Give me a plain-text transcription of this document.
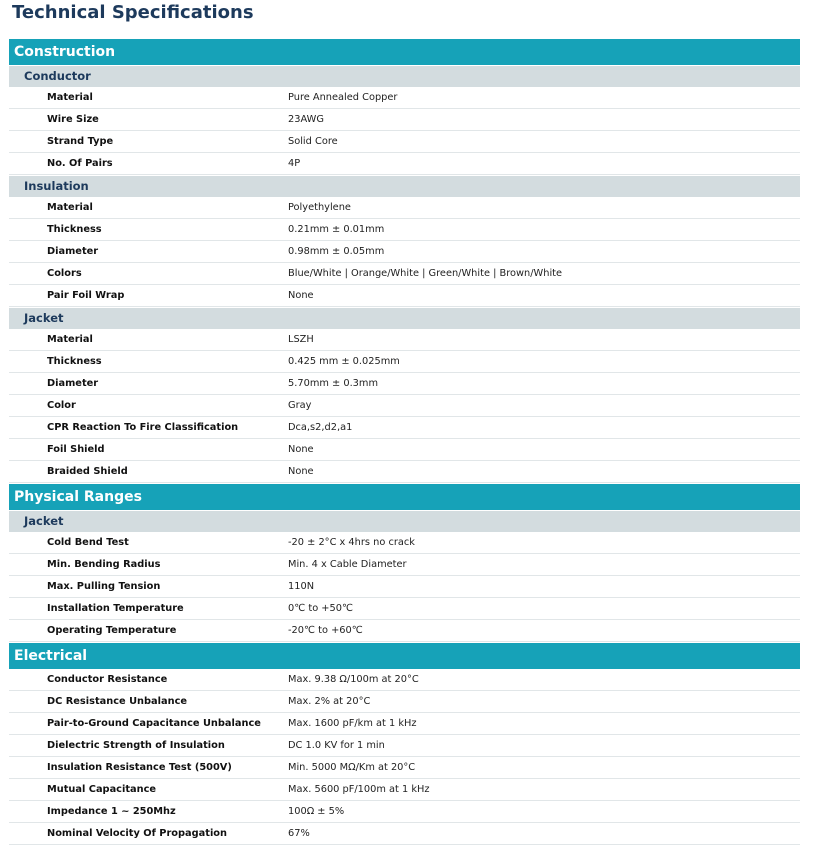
Technical Specifications
Construction
Conductor
Material	Pure Annealed Copper
Wire Size	23AWG
Strand Type	Solid Core
No. Of Pairs	4P
Insulation
Material	Polyethylene
Thickness	0.21mm ± 0.01mm
Diameter	0.98mm ± 0.05mm
Colors	Blue/White | Orange/White | Green/White | Brown/White
Pair Foil Wrap	None
Jacket
Material	LSZH
Thickness	0.425 mm ± 0.025mm
Diameter	5.70mm ± 0.3mm
Color	Gray
CPR Reaction To Fire Classification	Dca,s2,d2,a1
Foil Shield	None
Braided Shield	None
Physical Ranges
Jacket
Cold Bend Test	-20 ± 2°C x 4hrs no crack
Min. Bending Radius	Min. 4 x Cable Diameter
Max. Pulling Tension	110N
Installation Temperature	0℃ to +50℃
Operating Temperature	-20℃ to +60℃
Electrical
Conductor Resistance	Max. 9.38 Ω/100m at 20°C
DC Resistance Unbalance	Max. 2% at 20°C
Pair-to-Ground Capacitance Unbalance	Max. 1600 pF/km at 1 kHz
Dielectric Strength of Insulation	DC 1.0 KV for 1 min
Insulation Resistance Test (500V)	Min. 5000 MΩ/Km at 20°C
Mutual Capacitance	Max. 5600 pF/100m at 1 kHz
Impedance 1 ~ 250Mhz	100Ω ± 5%
Nominal Velocity Of Propagation	67%
